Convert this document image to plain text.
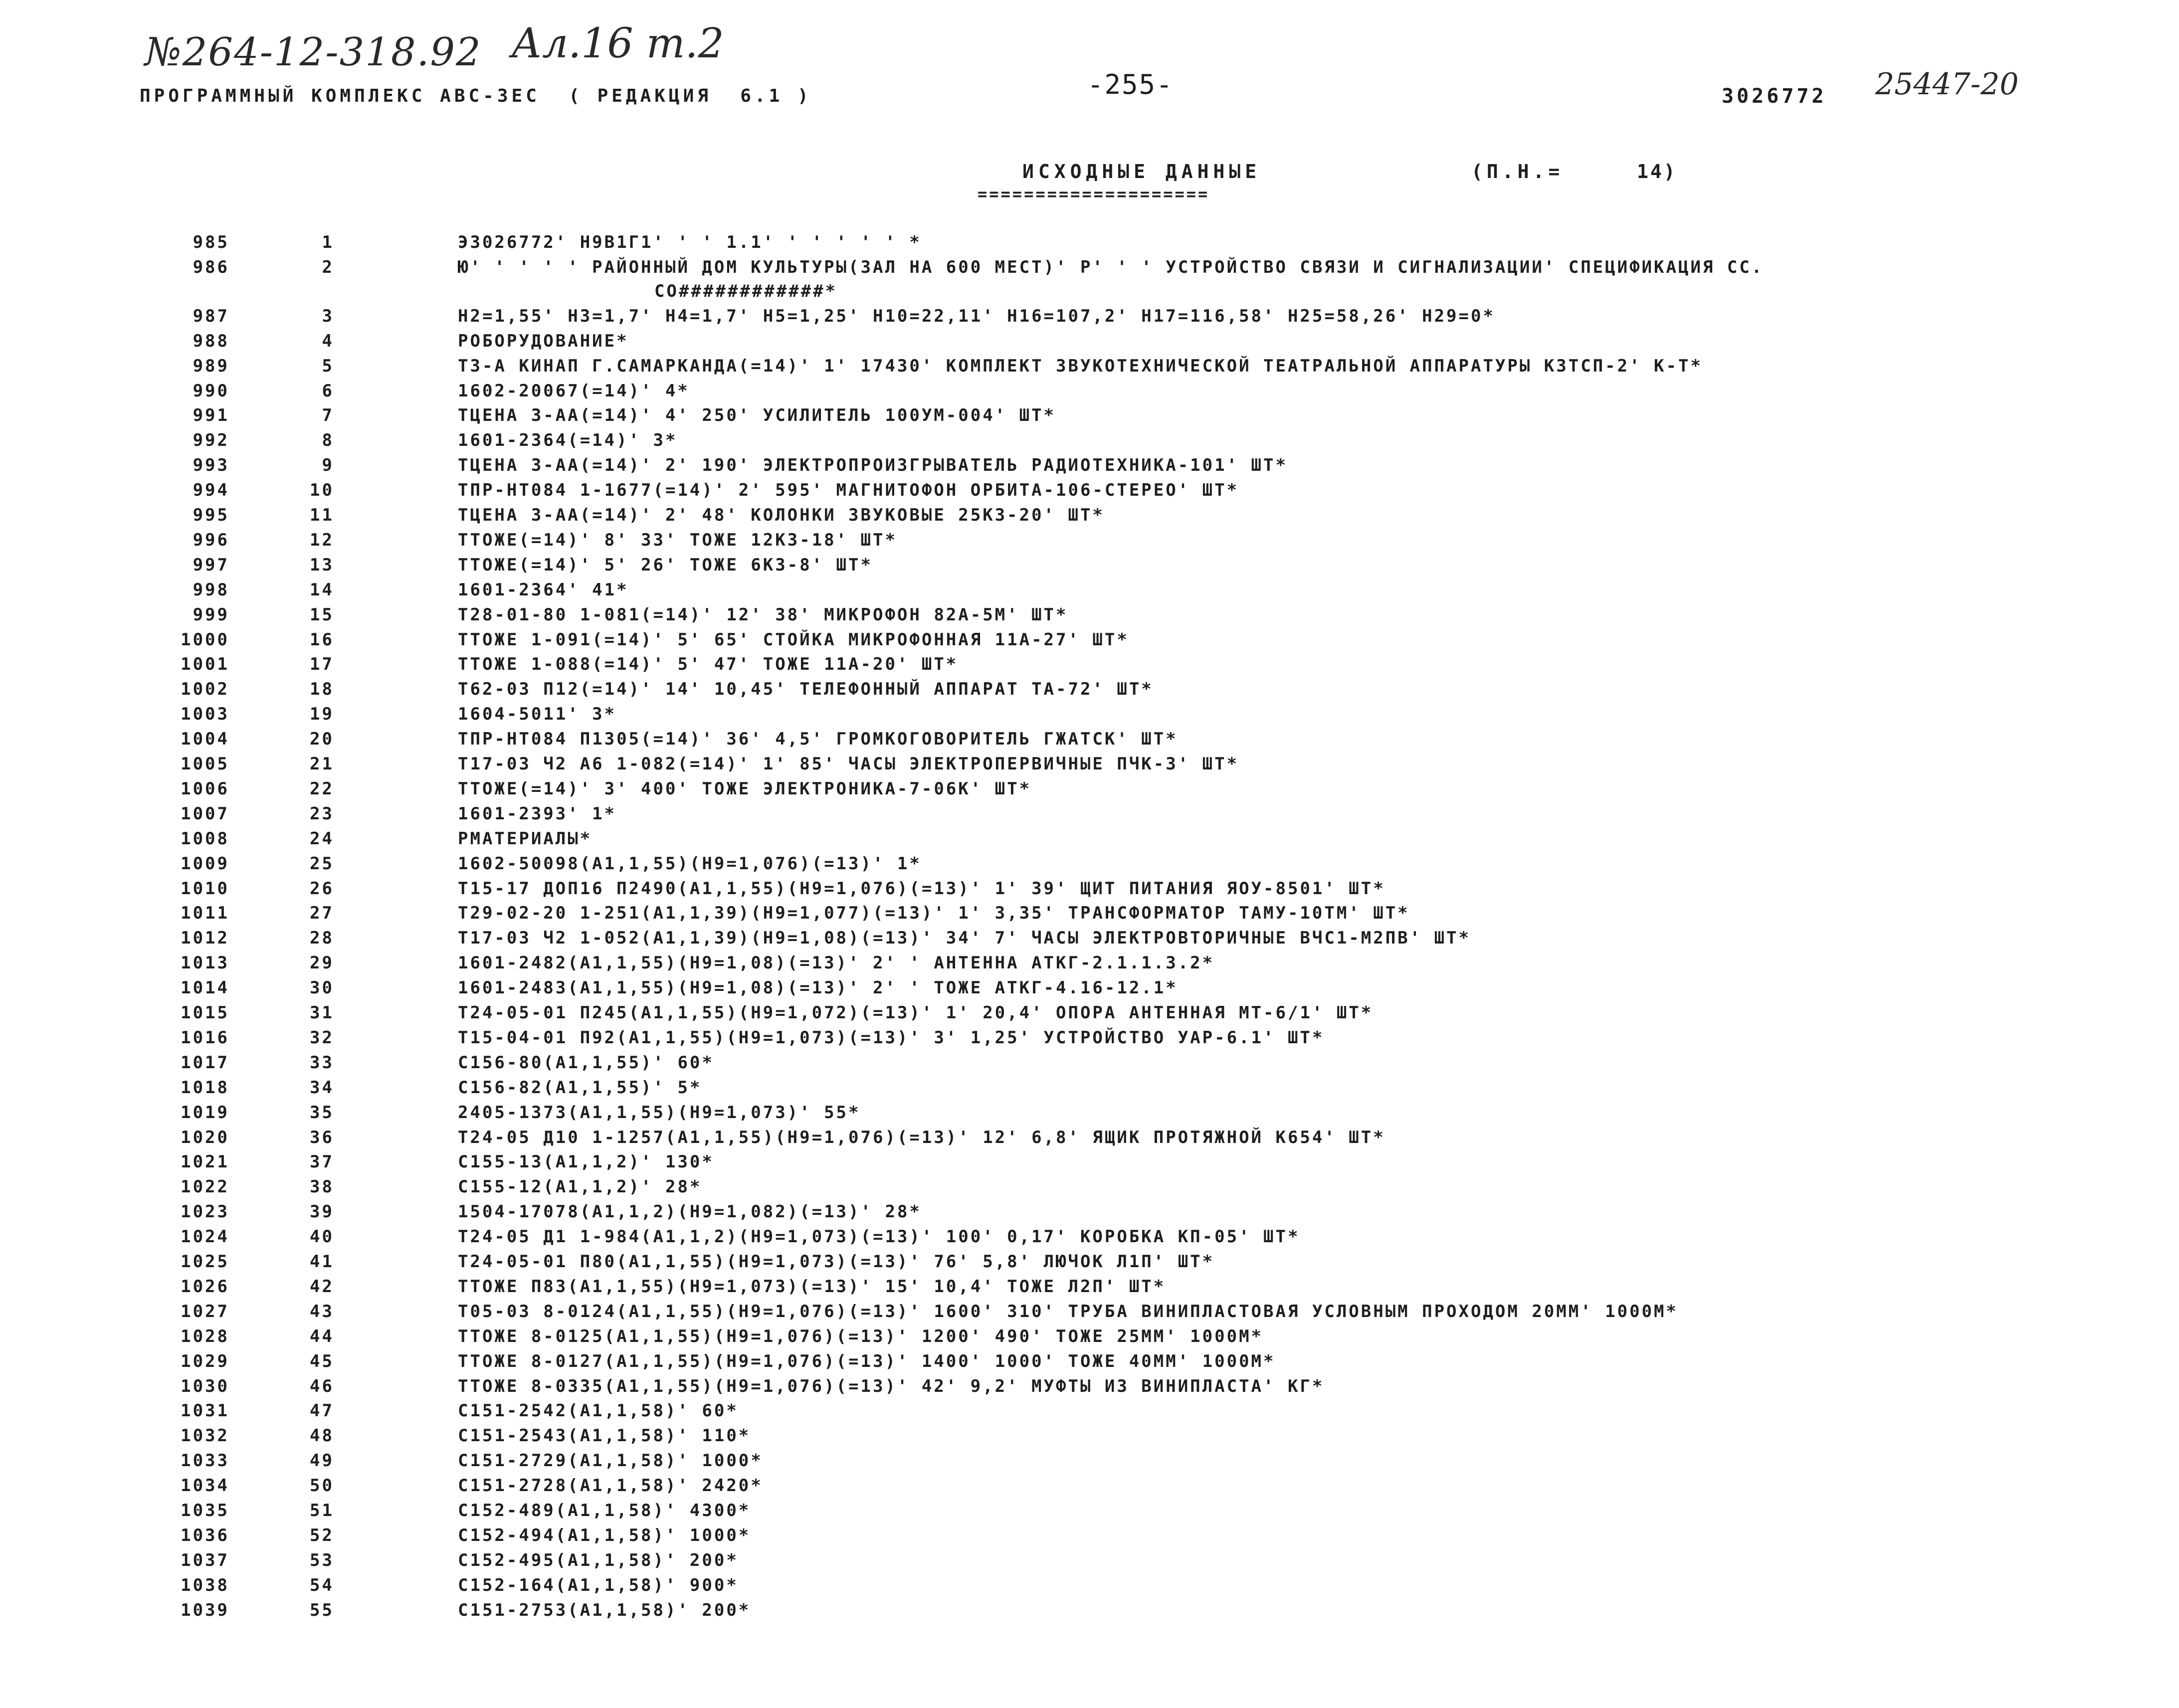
№264-12-318.92 Ал.16 т.2
25447-20
ПРОГРАММНЫЙ КОМПЛЕКС АВС-3ЕС  ( РЕДАКЦИЯ  6.1 )	-255-	3026772
ИСХОДНЫЕ ДАННЫЕ
====================
(П.Н.=	14)
985	1	Э3026772' Н9В1Г1' ' ' 1.1' ' ' ' ' ' *
986	2	Ю' ' ' ' ' РАЙОННЫЙ ДОМ КУЛЬТУРЫ(ЗАЛ НА 600 МЕСТ)' Р' ' ' УСТРОЙСТВО СВЯЗИ И СИГНАЛИЗАЦИИ' СПЕЦИФИКАЦИЯ СС.
СО############*
987	3	Н2=1,55' Н3=1,7' Н4=1,7' Н5=1,25' Н10=22,11' Н16=107,2' Н17=116,58' Н25=58,26' Н29=0*
988	4	РОБОРУДОВАНИЕ*
989	5	Т3-А КИНАП Г.САМАРКАНДА(=14)' 1' 17430' КОМПЛЕКТ ЗВУКОТЕХНИЧЕСКОЙ ТЕАТРАЛЬНОЙ АППАРАТУРЫ КЗТСП-2' К-Т*
990	6	1602-20067(=14)' 4*
991	7	ТЦЕНА 3-АА(=14)' 4' 250' УСИЛИТЕЛЬ 100УМ-004' ШТ*
992	8	1601-2364(=14)' 3*
993	9	ТЦЕНА 3-АА(=14)' 2' 190' ЭЛЕКТРОПРОИЗГРЫВАТЕЛЬ РАДИОТЕХНИКА-101' ШТ*
994	10	ТПР-НТ084 1-1677(=14)' 2' 595' МАГНИТОФОН ОРБИТА-106-СТЕРЕО' ШТ*
995	11	ТЦЕНА 3-АА(=14)' 2' 48' КОЛОНКИ ЗВУКОВЫЕ 25К3-20' ШТ*
996	12	ТТОЖЕ(=14)' 8' 33' ТОЖЕ 12К3-18' ШТ*
997	13	ТТОЖЕ(=14)' 5' 26' ТОЖЕ 6К3-8' ШТ*
998	14	1601-2364' 41*
999	15	Т28-01-80 1-081(=14)' 12' 38' МИКРОФОН 82А-5М' ШТ*
1000	16	ТТОЖЕ 1-091(=14)' 5' 65' СТОЙКА МИКРОФОННАЯ 11А-27' ШТ*
1001	17	ТТОЖЕ 1-088(=14)' 5' 47' ТОЖЕ 11А-20' ШТ*
1002	18	Т62-03 П12(=14)' 14' 10,45' ТЕЛЕФОННЫЙ АППАРАТ ТА-72' ШТ*
1003	19	1604-5011' 3*
1004	20	ТПР-НТ084 П1305(=14)' 36' 4,5' ГРОМКОГОВОРИТЕЛЬ ГЖАТСК' ШТ*
1005	21	Т17-03 Ч2 А6 1-082(=14)' 1' 85' ЧАСЫ ЭЛЕКТРОПЕРВИЧНЫЕ ПЧК-3' ШТ*
1006	22	ТТОЖЕ(=14)' 3' 400' ТОЖЕ ЭЛЕКТРОНИКА-7-06К' ШТ*
1007	23	1601-2393' 1*
1008	24	РМАТЕРИАЛЫ*
1009	25	1602-50098(А1,1,55)(Н9=1,076)(=13)' 1*
1010	26	Т15-17 ДОП16 П2490(А1,1,55)(Н9=1,076)(=13)' 1' 39' ЩИТ ПИТАНИЯ ЯОУ-8501' ШТ*
1011	27	Т29-02-20 1-251(А1,1,39)(Н9=1,077)(=13)' 1' 3,35' ТРАНСФОРМАТОР ТАМУ-10ТМ' ШТ*
1012	28	Т17-03 Ч2 1-052(А1,1,39)(Н9=1,08)(=13)' 34' 7' ЧАСЫ ЭЛЕКТРОВТОРИЧНЫЕ ВЧС1-М2ПВ' ШТ*
1013	29	1601-2482(А1,1,55)(Н9=1,08)(=13)' 2' ' АНТЕННА АТКГ-2.1.1.3.2*
1014	30	1601-2483(А1,1,55)(Н9=1,08)(=13)' 2' ' ТОЖЕ АТКГ-4.16-12.1*
1015	31	Т24-05-01 П245(А1,1,55)(Н9=1,072)(=13)' 1' 20,4' ОПОРА АНТЕННАЯ МТ-6/1' ШТ*
1016	32	Т15-04-01 П92(А1,1,55)(Н9=1,073)(=13)' 3' 1,25' УСТРОЙСТВО УАР-6.1' ШТ*
1017	33	С156-80(А1,1,55)' 60*
1018	34	С156-82(А1,1,55)' 5*
1019	35	2405-1373(А1,1,55)(Н9=1,073)' 55*
1020	36	Т24-05 Д10 1-1257(А1,1,55)(Н9=1,076)(=13)' 12' 6,8' ЯЩИК ПРОТЯЖНОЙ К654' ШТ*
1021	37	С155-13(А1,1,2)' 130*
1022	38	С155-12(А1,1,2)' 28*
1023	39	1504-17078(А1,1,2)(Н9=1,082)(=13)' 28*
1024	40	Т24-05 Д1 1-984(А1,1,2)(Н9=1,073)(=13)' 100' 0,17' КОРОБКА КП-05' ШТ*
1025	41	Т24-05-01 П80(А1,1,55)(Н9=1,073)(=13)' 76' 5,8' ЛЮЧОК Л1П' ШТ*
1026	42	ТТОЖЕ П83(А1,1,55)(Н9=1,073)(=13)' 15' 10,4' ТОЖЕ Л2П' ШТ*
1027	43	Т05-03 8-0124(А1,1,55)(Н9=1,076)(=13)' 1600' 310' ТРУБА ВИНИПЛАСТОВАЯ УСЛОВНЫМ ПРОХОДОМ 20ММ' 1000М*
1028	44	ТТОЖЕ 8-0125(А1,1,55)(Н9=1,076)(=13)' 1200' 490' ТОЖЕ 25ММ' 1000М*
1029	45	ТТОЖЕ 8-0127(А1,1,55)(Н9=1,076)(=13)' 1400' 1000' ТОЖЕ 40ММ' 1000М*
1030	46	ТТОЖЕ 8-0335(А1,1,55)(Н9=1,076)(=13)' 42' 9,2' МУФТЫ ИЗ ВИНИПЛАСТА' КГ*
1031	47	С151-2542(А1,1,58)' 60*
1032	48	С151-2543(А1,1,58)' 110*
1033	49	С151-2729(А1,1,58)' 1000*
1034	50	С151-2728(А1,1,58)' 2420*
1035	51	С152-489(А1,1,58)' 4300*
1036	52	С152-494(А1,1,58)' 1000*
1037	53	С152-495(А1,1,58)' 200*
1038	54	С152-164(А1,1,58)' 900*
1039	55	С151-2753(А1,1,58)' 200*
